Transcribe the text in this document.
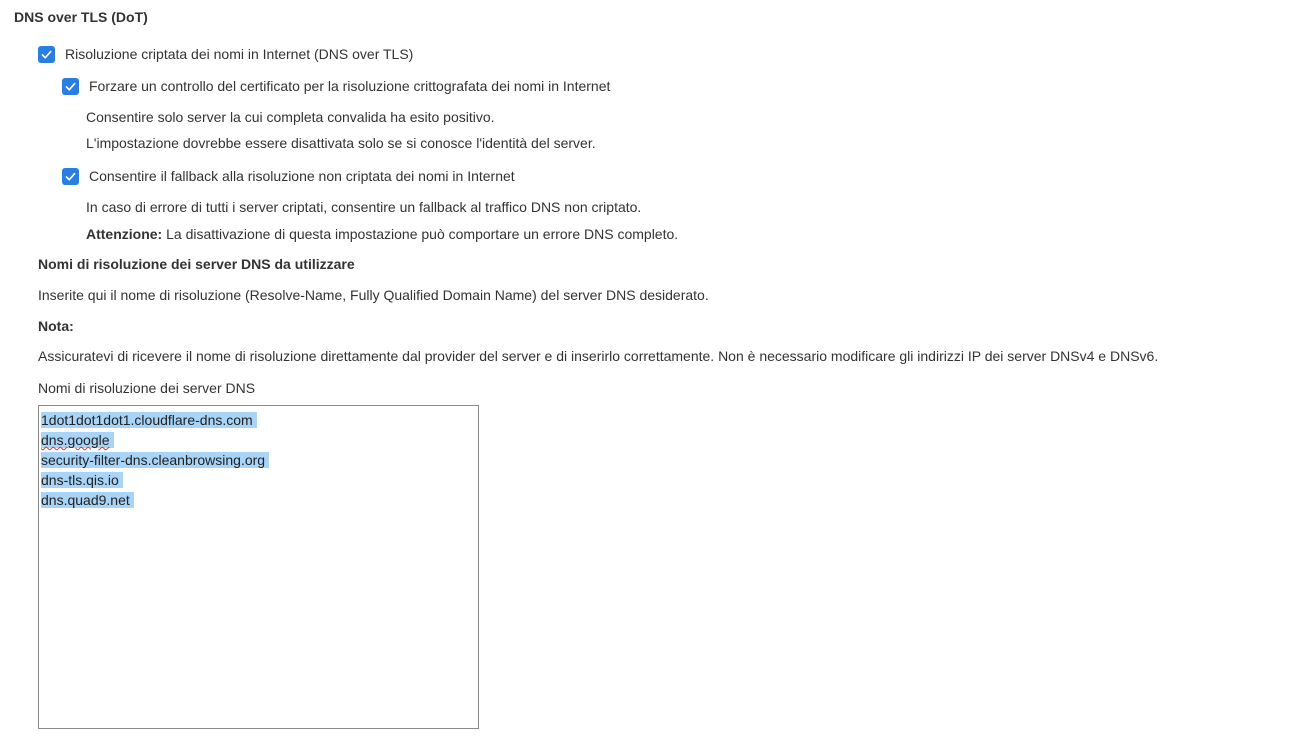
DNS over TLS (DoT)
Risoluzione criptata dei nomi in Internet (DNS over TLS)
Forzare un controllo del certificato per la risoluzione crittografata dei nomi in Internet
Consentire solo server la cui completa convalida ha esito positivo.
L'impostazione dovrebbe essere disattivata solo se si conosce l'identità del server.
Consentire il fallback alla risoluzione non criptata dei nomi in Internet
In caso di errore di tutti i server criptati, consentire un fallback al traffico DNS non criptato.
Attenzione: La disattivazione di questa impostazione può comportare un errore DNS completo.
Nomi di risoluzione dei server DNS da utilizzare
Inserite qui il nome di risoluzione (Resolve-Name, Fully Qualified Domain Name) del server DNS desiderato.
Nota:
Assicuratevi di ricevere il nome di risoluzione direttamente dal provider del server e di inserirlo correttamente. Non è necessario modificare gli indirizzi IP dei server DNSv4 e DNSv6.
Nomi di risoluzione dei server DNS
1dot1dot1dot1.cloudflare-dns.com
dns.google
security-filter-dns.cleanbrowsing.org
dns-tls.qis.io
dns.quad9.net
